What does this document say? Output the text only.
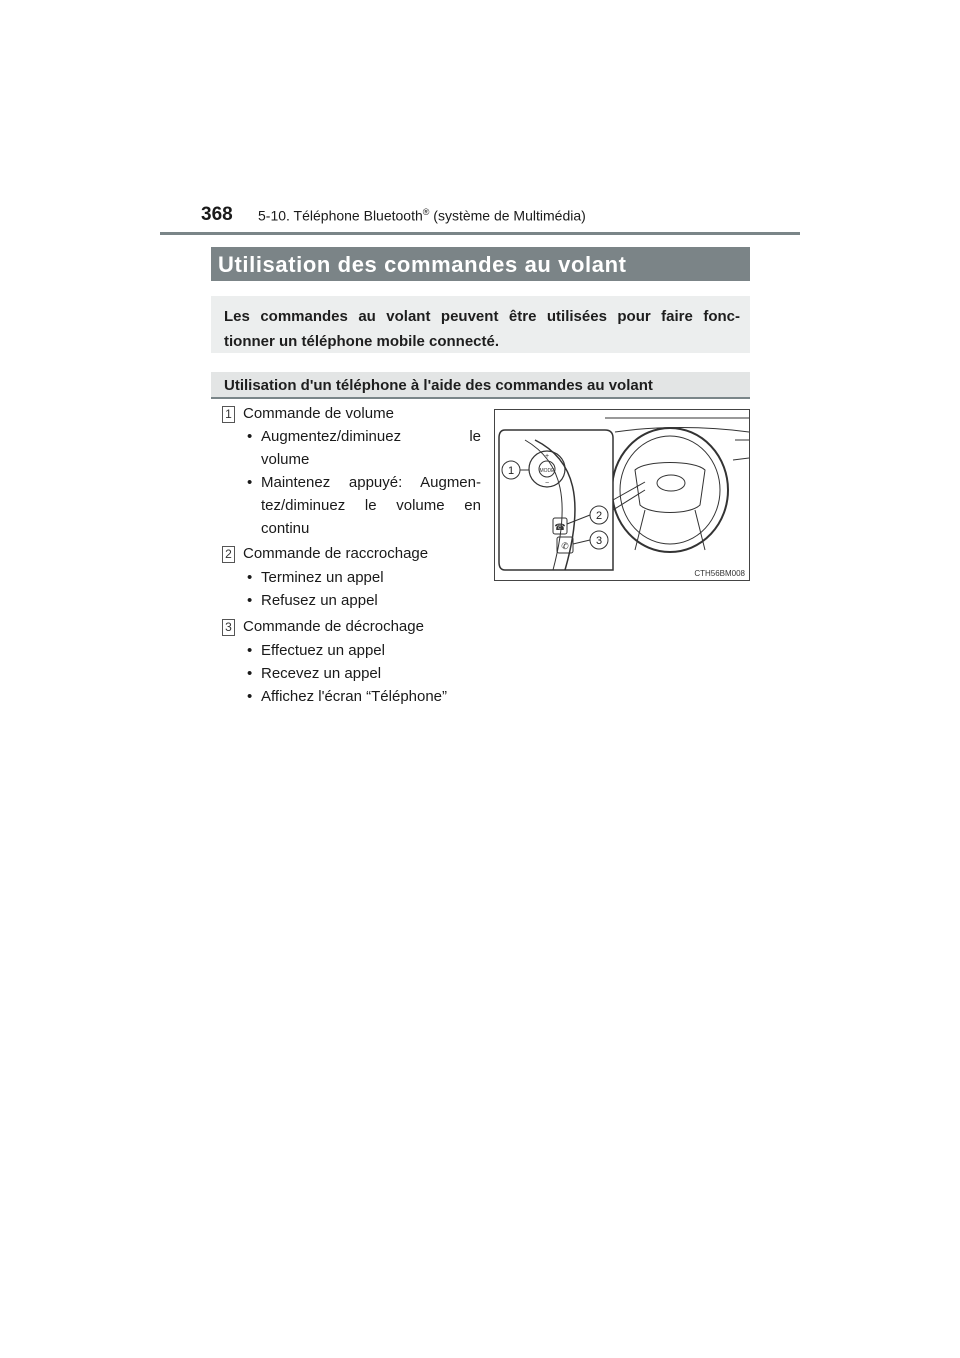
368 5-10. Téléphone Bluetooth® (système de Multimédia)
Utilisation des commandes au volant
Les commandes au volant peuvent être utilisées pour faire fonc-
tionner un téléphone mobile connecté.
Utilisation d'un téléphone à l'aide des commandes au volant
1 Commande de volume
• Augmentez/diminuez	le
volume
• Maintenez appuyé: Augmen-
tez/diminuez le volume en
continu
2 Commande de raccrochage
• Terminez un appel
• Refusez un appel
3 Commande de décrochage
• Effectuez un appel
• Recevez un appel
• Affichez l'écran “Téléphone”
MODE
+
−
1
2
3
☎
✆
CTH56BM008
